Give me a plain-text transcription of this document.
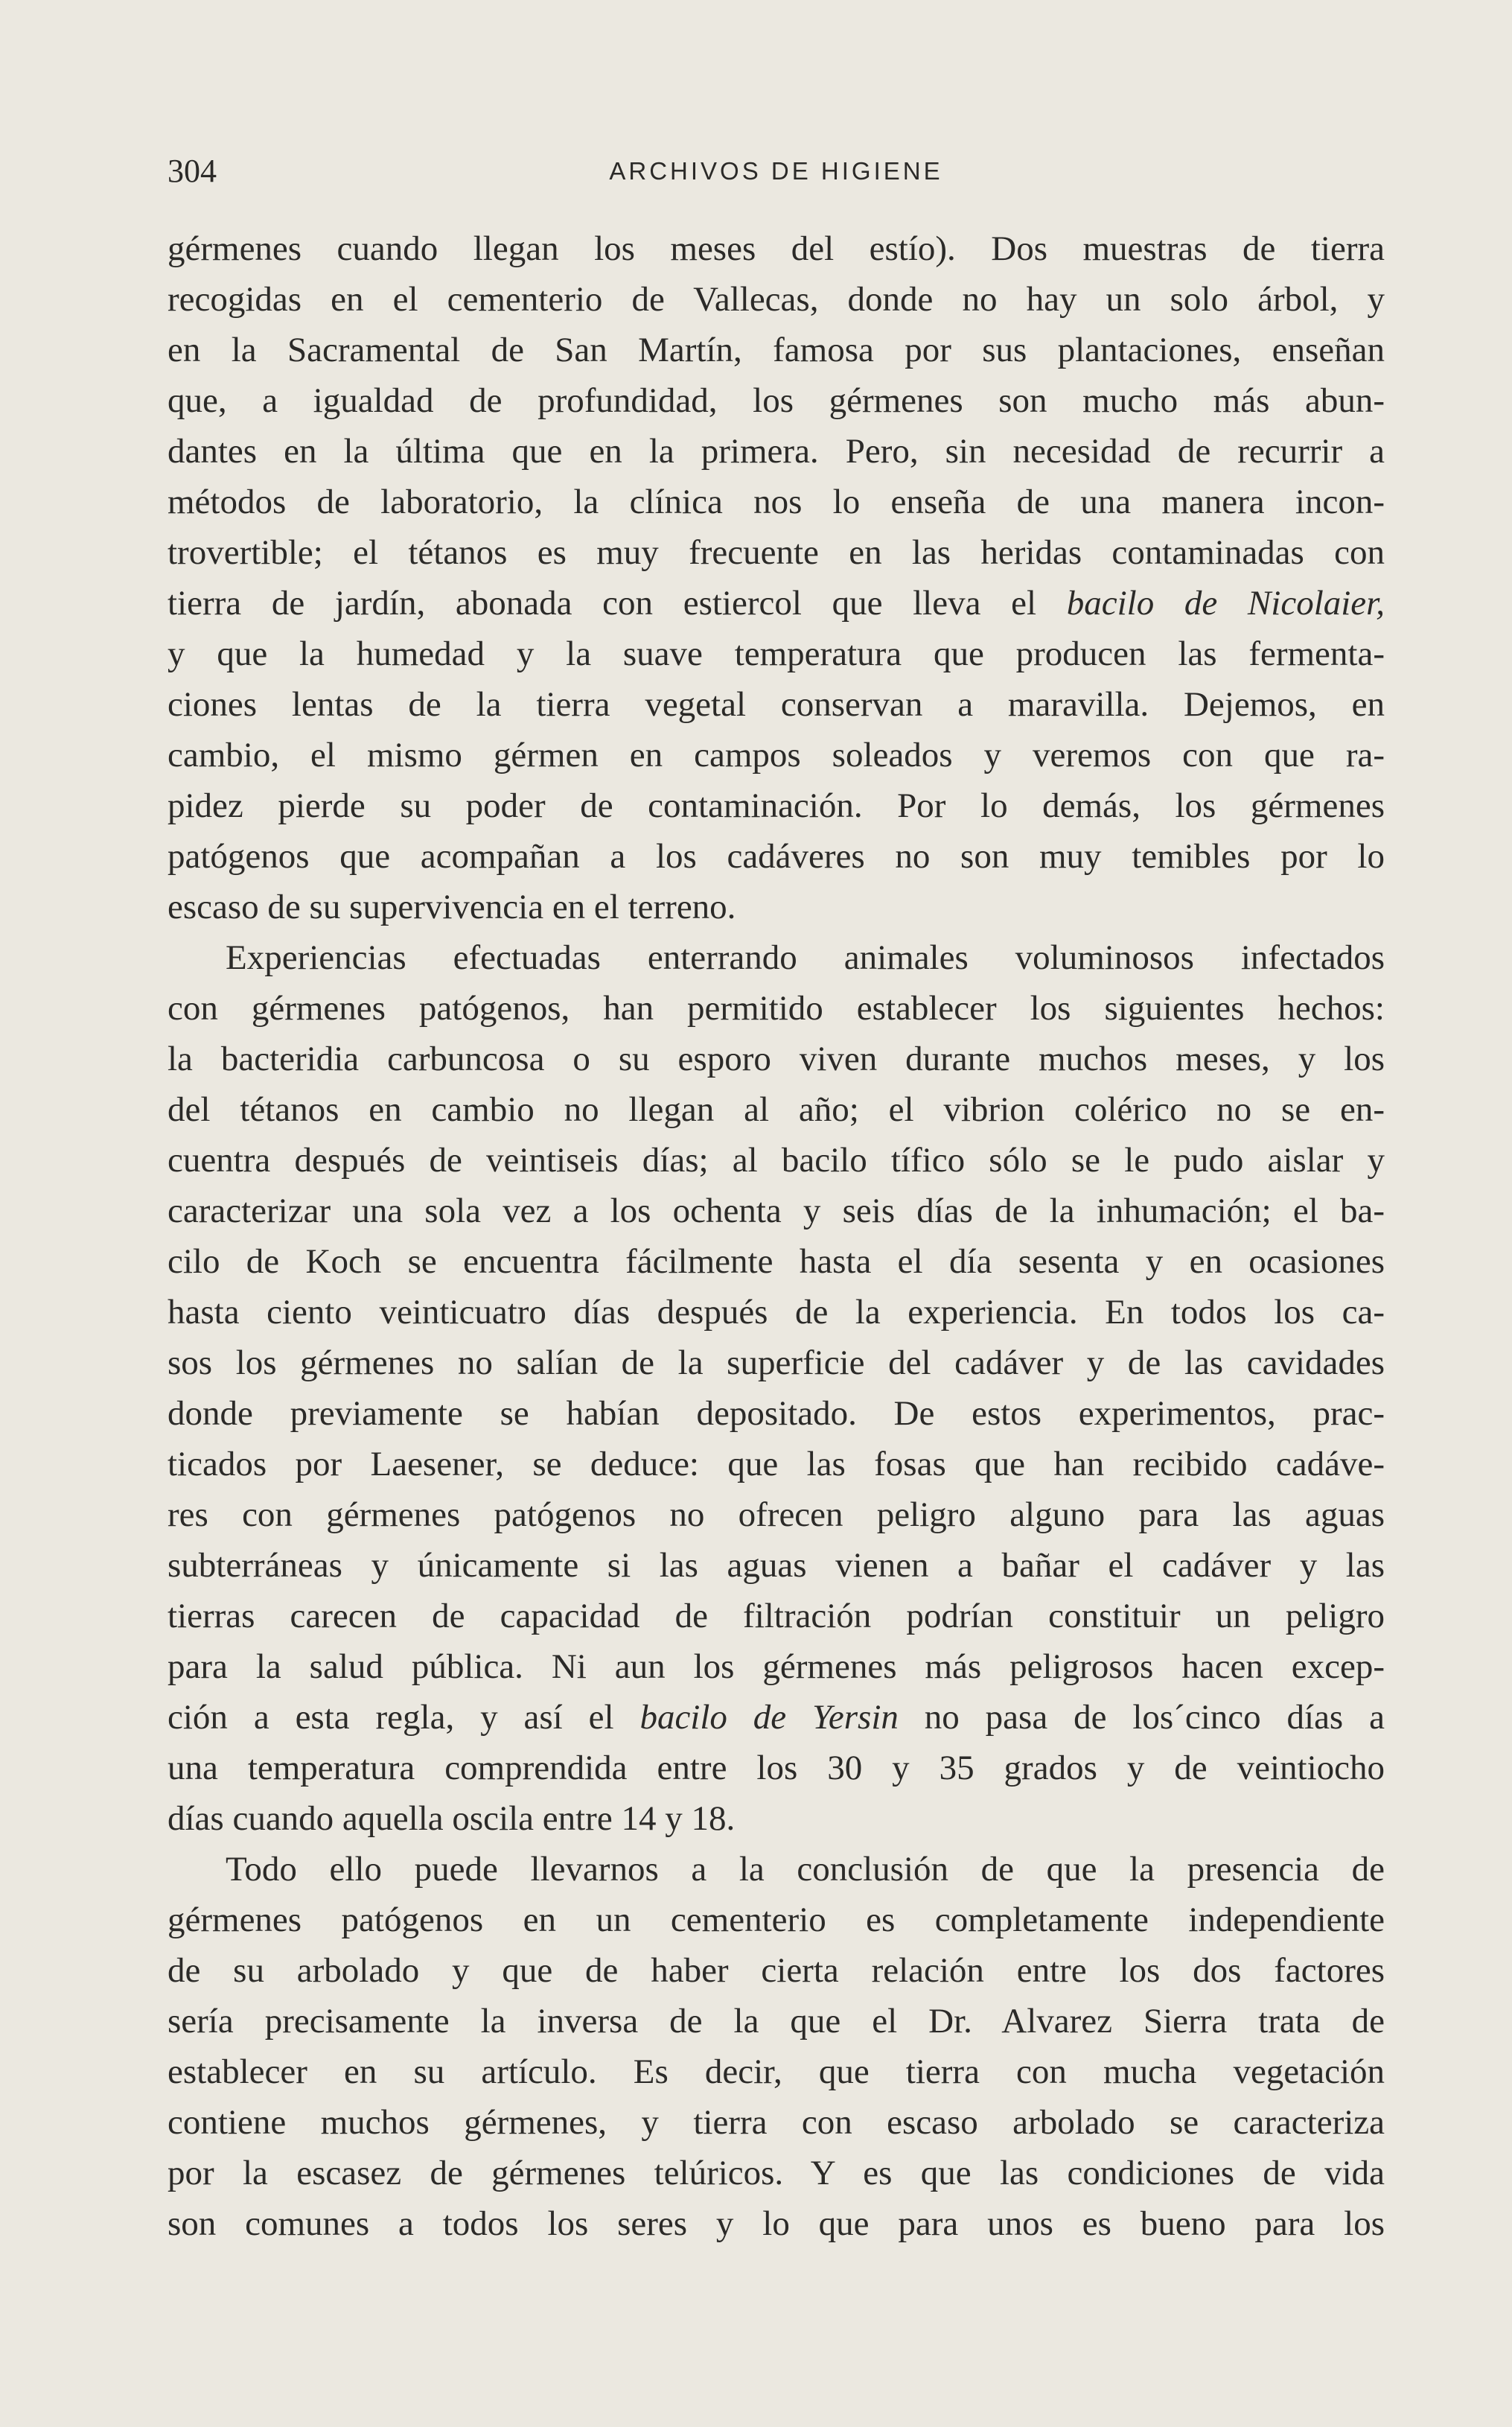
304	ARCHIVOS DE HIGIENE
gérmenes cuando llegan los meses del estío). Dos muestras de tierra
recogidas en el cementerio de Vallecas, donde no hay un solo árbol, y
en la Sacramental de San Martín, famosa por sus plantaciones, enseñan
que, a igualdad de profundidad, los gérmenes son mucho más abun-
dantes en la última que en la primera. Pero, sin necesidad de recurrir a
métodos de laboratorio, la clínica nos lo enseña de una manera incon-
trovertible; el tétanos es muy frecuente en las heridas contaminadas con
tierra de jardín, abonada con estiercol que lleva el bacilo de Nicolaier,
y que la humedad y la suave temperatura que producen las fermenta-
ciones lentas de la tierra vegetal conservan a maravilla. Dejemos, en
cambio, el mismo gérmen en campos soleados y veremos con que ra-
pidez pierde su poder de contaminación. Por lo demás, los gérmenes
patógenos que acompañan a los cadáveres no son muy temibles por lo
escaso de su supervivencia en el terreno.
Experiencias efectuadas enterrando animales voluminosos infectados
con gérmenes patógenos, han permitido establecer los siguientes hechos:
la bacteridia carbuncosa o su esporo viven durante muchos meses, y los
del tétanos en cambio no llegan al año; el vibrion colérico no se en-
cuentra después de veintiseis días; al bacilo tífico sólo se le pudo aislar y
caracterizar una sola vez a los ochenta y seis días de la inhumación; el ba-
cilo de Koch se encuentra fácilmente hasta el día sesenta y en ocasiones
hasta ciento veinticuatro días después de la experiencia. En todos los ca-
sos los gérmenes no salían de la superficie del cadáver y de las cavidades
donde previamente se habían depositado. De estos experimentos, prac-
ticados por Laesener, se deduce: que las fosas que han recibido cadáve-
res con gérmenes patógenos no ofrecen peligro alguno para las aguas
subterráneas y únicamente si las aguas vienen a bañar el cadáver y las
tierras carecen de capacidad de filtración podrían constituir un peligro
para la salud pública. Ni aun los gérmenes más peligrosos hacen excep-
ción a esta regla, y así el bacilo de Yersin no pasa de los´cinco días a
una temperatura comprendida entre los 30 y 35 grados y de veintiocho
días cuando aquella oscila entre 14 y 18.
Todo ello puede llevarnos a la conclusión de que la presencia de
gérmenes patógenos en un cementerio es completamente independiente
de su arbolado y que de haber cierta relación entre los dos factores
sería precisamente la inversa de la que el Dr. Alvarez Sierra trata de
establecer en su artículo. Es decir, que tierra con mucha vegetación
contiene muchos gérmenes, y tierra con escaso arbolado se caracteriza
por la escasez de gérmenes telúricos. Y es que las condiciones de vida
son comunes a todos los seres y lo que para unos es bueno para los
